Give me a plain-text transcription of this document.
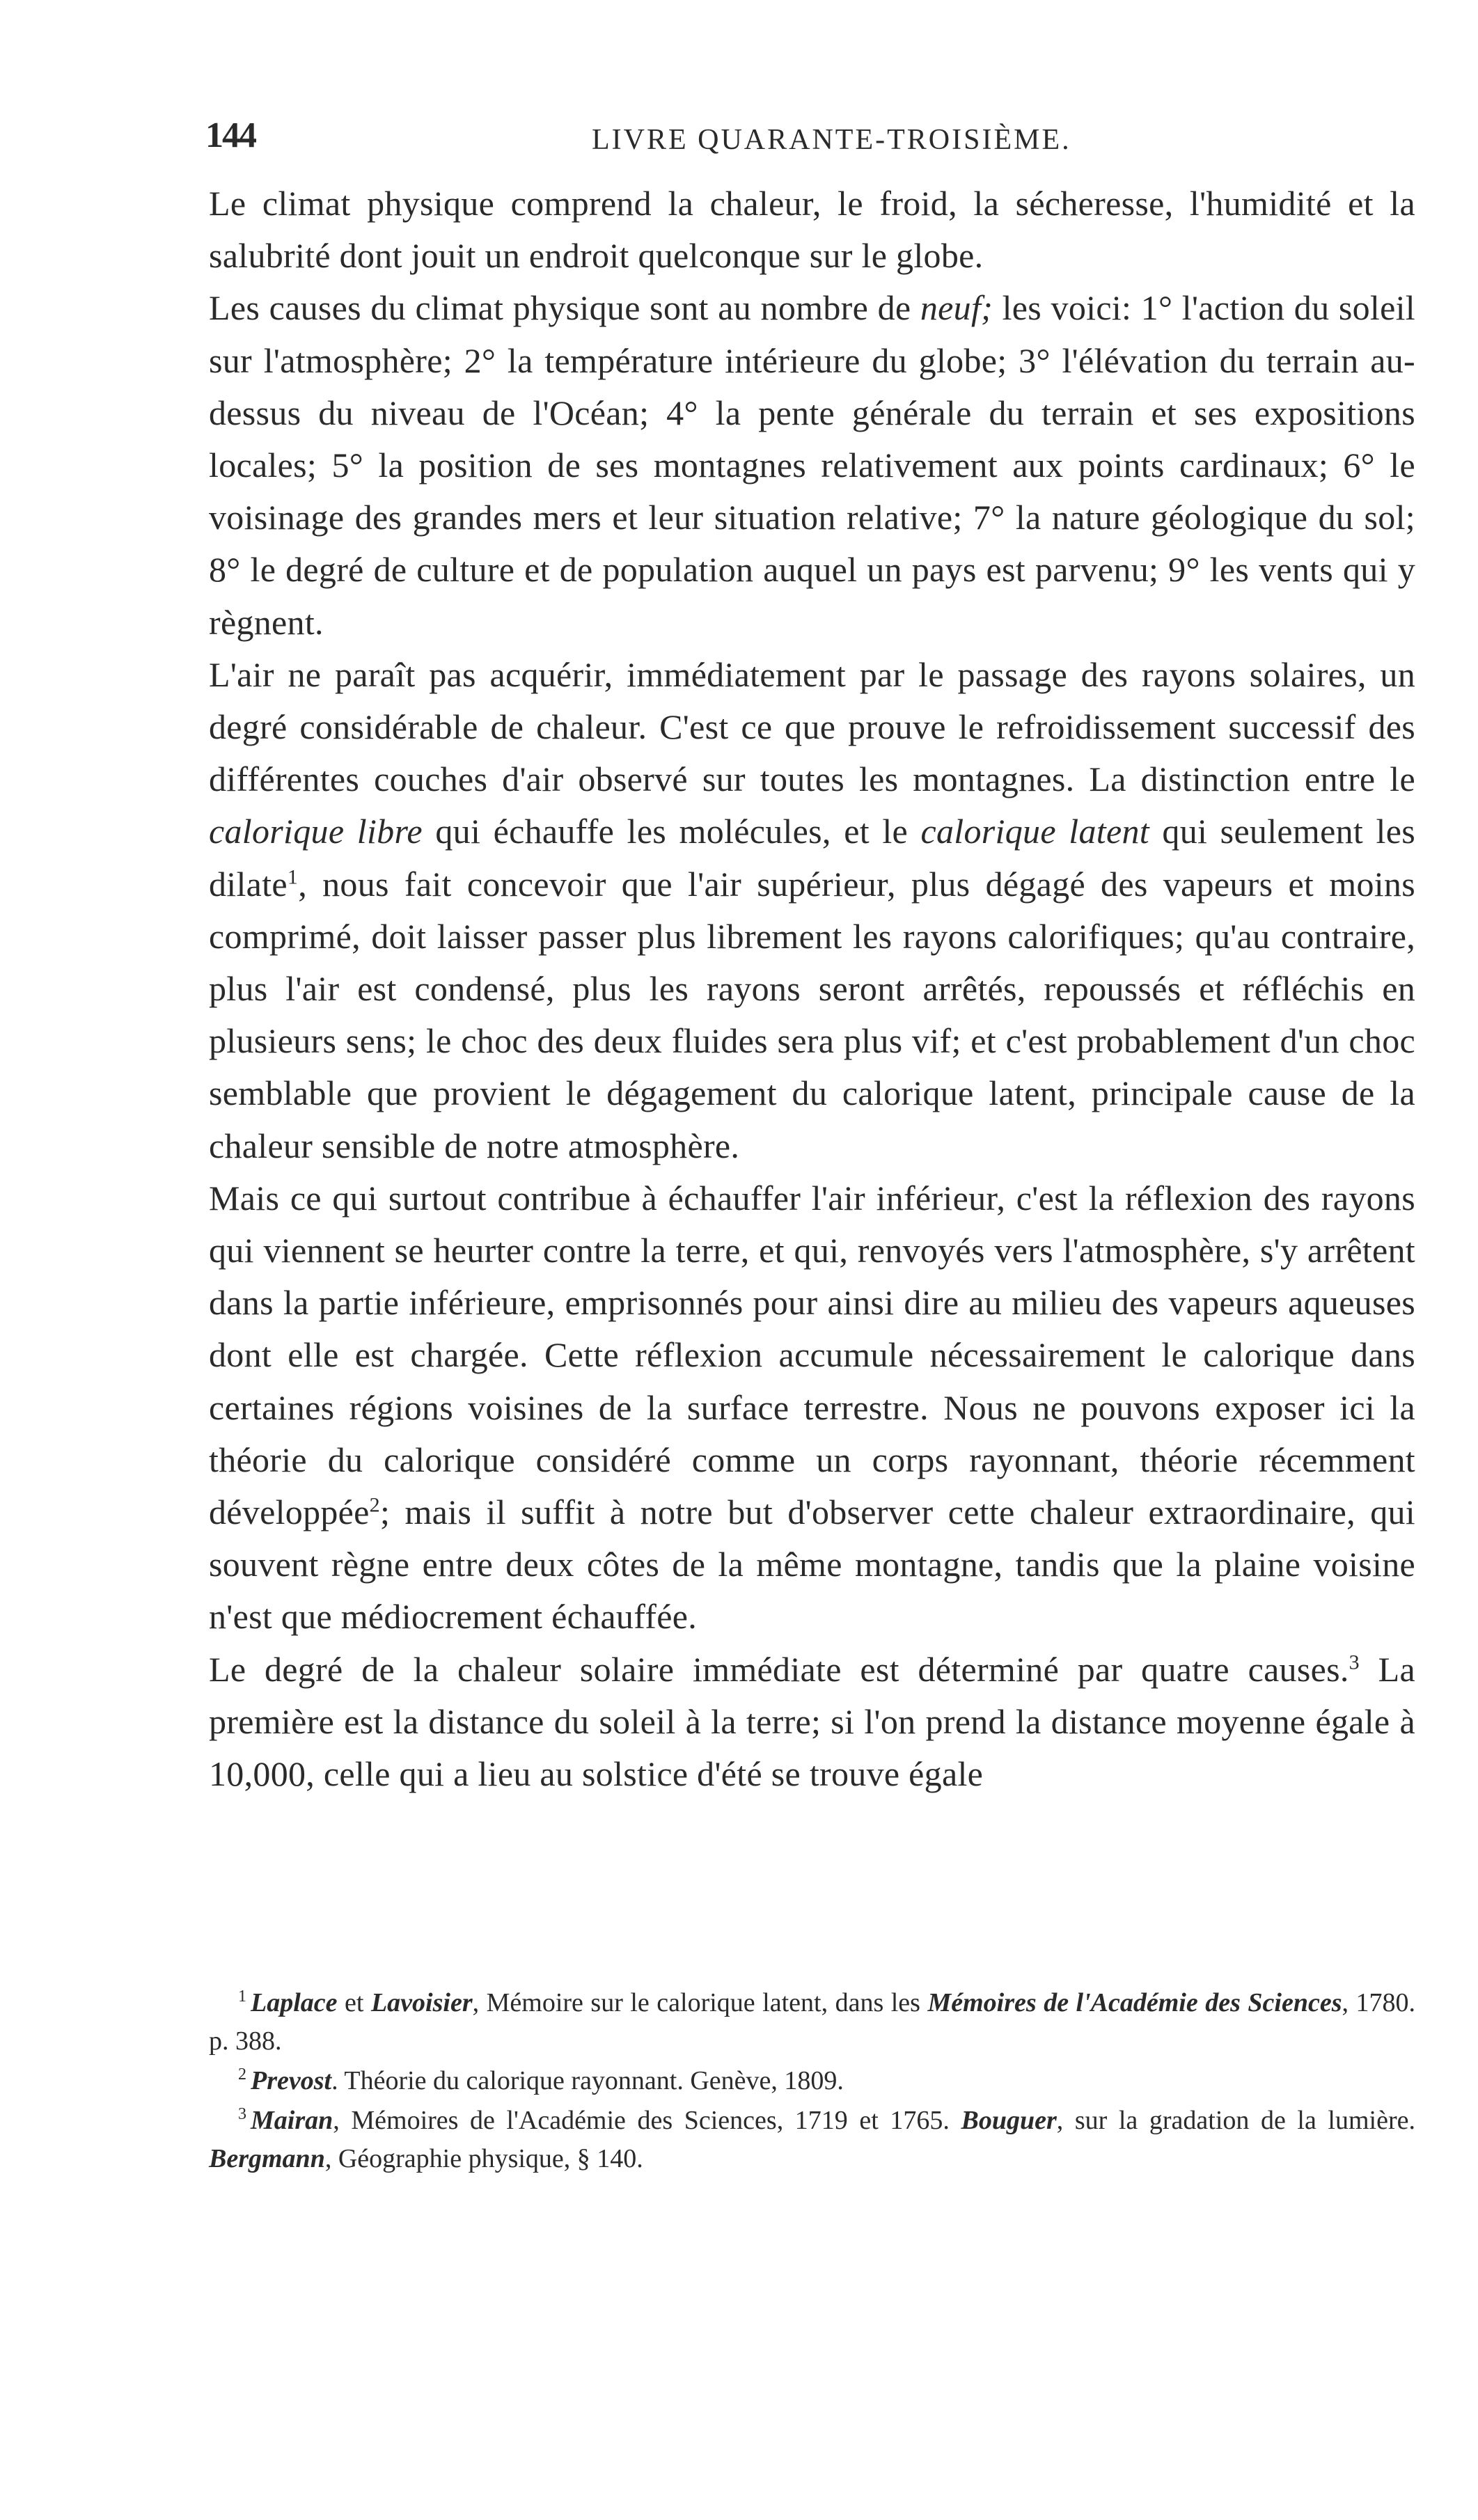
144	LIVRE QUARANTE-TROISIÈME.

Le climat physique comprend la chaleur, le froid, la sécheresse, l'humidité et la salubrité dont jouit un endroit quelconque sur le globe.

Les causes du climat physique sont au nombre de neuf; les voici: 1° l'action du soleil sur l'atmosphère; 2° la température intérieure du globe; 3° l'élévation du terrain au-dessus du niveau de l'Océan; 4° la pente générale du terrain et ses expositions locales; 5° la position de ses montagnes relativement aux points cardinaux; 6° le voisinage des grandes mers et leur situation relative; 7° la nature géologique du sol; 8° le degré de culture et de population auquel un pays est parvenu; 9° les vents qui y règnent.

L'air ne paraît pas acquérir, immédiatement par le passage des rayons solaires, un degré considérable de chaleur. C'est ce que prouve le refroidissement successif des différentes couches d'air observé sur toutes les montagnes. La distinction entre le calorique libre qui échauffe les molécules, et le calorique latent qui seulement les dilate$^1$, nous fait concevoir que l'air supérieur, plus dégagé des vapeurs et moins comprimé, doit laisser passer plus librement les rayons calorifiques; qu'au contraire, plus l'air est condensé, plus les rayons seront arrêtés, repoussés et réfléchis en plusieurs sens; le choc des deux fluides sera plus vif; et c'est probablement d'un choc semblable que provient le dégagement du calorique latent, principale cause de la chaleur sensible de notre atmosphère.

Mais ce qui surtout contribue à échauffer l'air inférieur, c'est la réflexion des rayons qui viennent se heurter contre la terre, et qui, renvoyés vers l'atmosphère, s'y arrêtent dans la partie inférieure, emprisonnés pour ainsi dire au milieu des vapeurs aqueuses dont elle est chargée. Cette réflexion accumule nécessairement le calorique dans certaines régions voisines de la surface terrestre. Nous ne pouvons exposer ici la théorie du calorique considéré comme un corps rayonnant, théorie récemment développée$^2$; mais il suffit à notre but d'observer cette chaleur extraordinaire, qui souvent règne entre deux côtes de la même montagne, tandis que la plaine voisine n'est que médiocrement échauffée.

Le degré de la chaleur solaire immédiate est déterminé par quatre causes.$^3$ La première est la distance du soleil à la terre; si l'on prend la distance moyenne égale à 10,000, celle qui a lieu au solstice d'été se trouve égale

$^1$ Laplace et Lavoisier, Mémoire sur le calorique latent, dans les Mémoires de l'Académie des Sciences, 1780. p. 388.

$^2$ Prevost. Théorie du calorique rayonnant. Genève, 1809.

$^3$ Mairan, Mémoires de l'Académie des Sciences, 1719 et 1765. Bouguer, sur la gradation de la lumière. Bergmann, Géographie physique, § 140.
